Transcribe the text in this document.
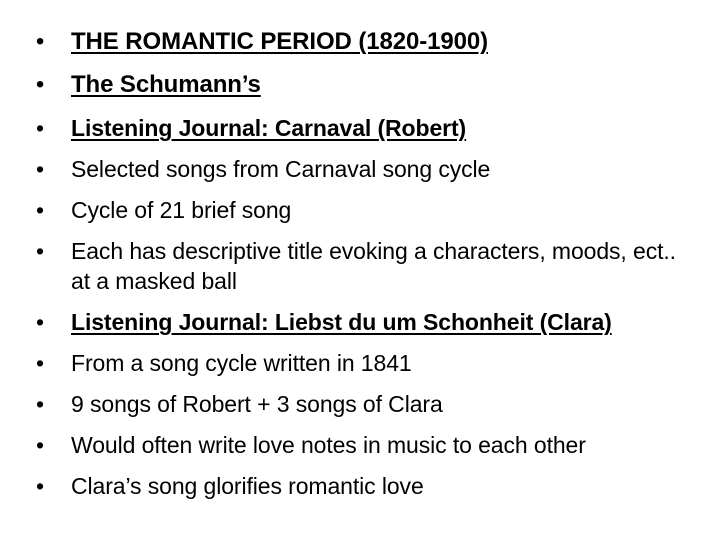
• THE ROMANTIC PERIOD (1820-1900)
• The Schumann’s
• Listening Journal: Carnaval (Robert)
• Selected songs from Carnaval song cycle
• Cycle of 21 brief song
• Each has descriptive title evoking a characters, moods, ect.. at a masked ball
• Listening Journal: Liebst du um Schonheit (Clara)
• From a song cycle written in 1841
• 9 songs of Robert + 3 songs of Clara
• Would often write love notes in music to each other
• Clara’s song glorifies romantic love
